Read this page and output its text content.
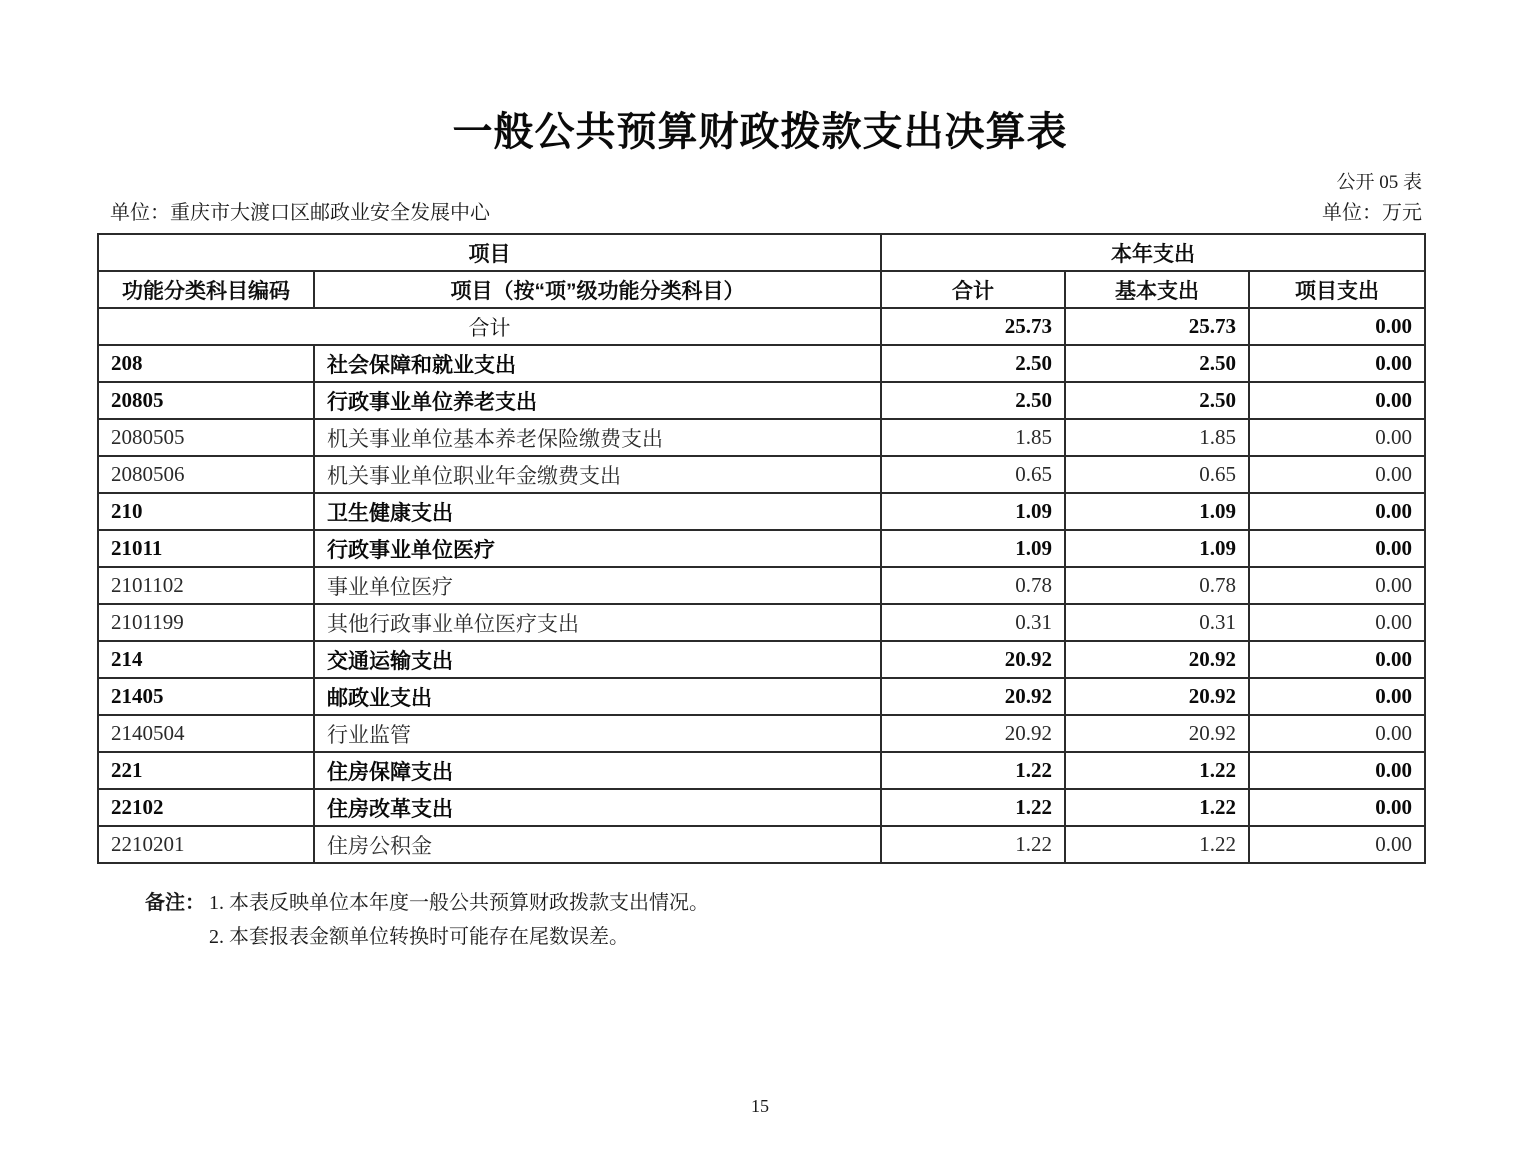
一般公共预算财政拨款支出决算表
公开 05 表
单位：重庆市大渡口区邮政业安全发展中心	单位：万元
项目		本年支出		
功能分类科目编码	项目（按“项”级功能分类科目）	合计	基本支出	项目支出
合计		25.73	25.73	0.00
208	社会保障和就业支出	2.50	2.50	0.00
20805	行政事业单位养老支出	2.50	2.50	0.00
2080505	机关事业单位基本养老保险缴费支出	1.85	1.85	0.00
2080506	机关事业单位职业年金缴费支出	0.65	0.65	0.00
210	卫生健康支出	1.09	1.09	0.00
21011	行政事业单位医疗	1.09	1.09	0.00
2101102	事业单位医疗	0.78	0.78	0.00
2101199	其他行政事业单位医疗支出	0.31	0.31	0.00
214	交通运输支出	20.92	20.92	0.00
21405	邮政业支出	20.92	20.92	0.00
2140504	行业监管	20.92	20.92	0.00
221	住房保障支出	1.22	1.22	0.00
22102	住房改革支出	1.22	1.22	0.00
2210201	住房公积金	1.22	1.22	0.00
备注： 1. 本表反映单位本年度一般公共预算财政拨款支出情况。
2. 本套报表金额单位转换时可能存在尾数误差。
15
